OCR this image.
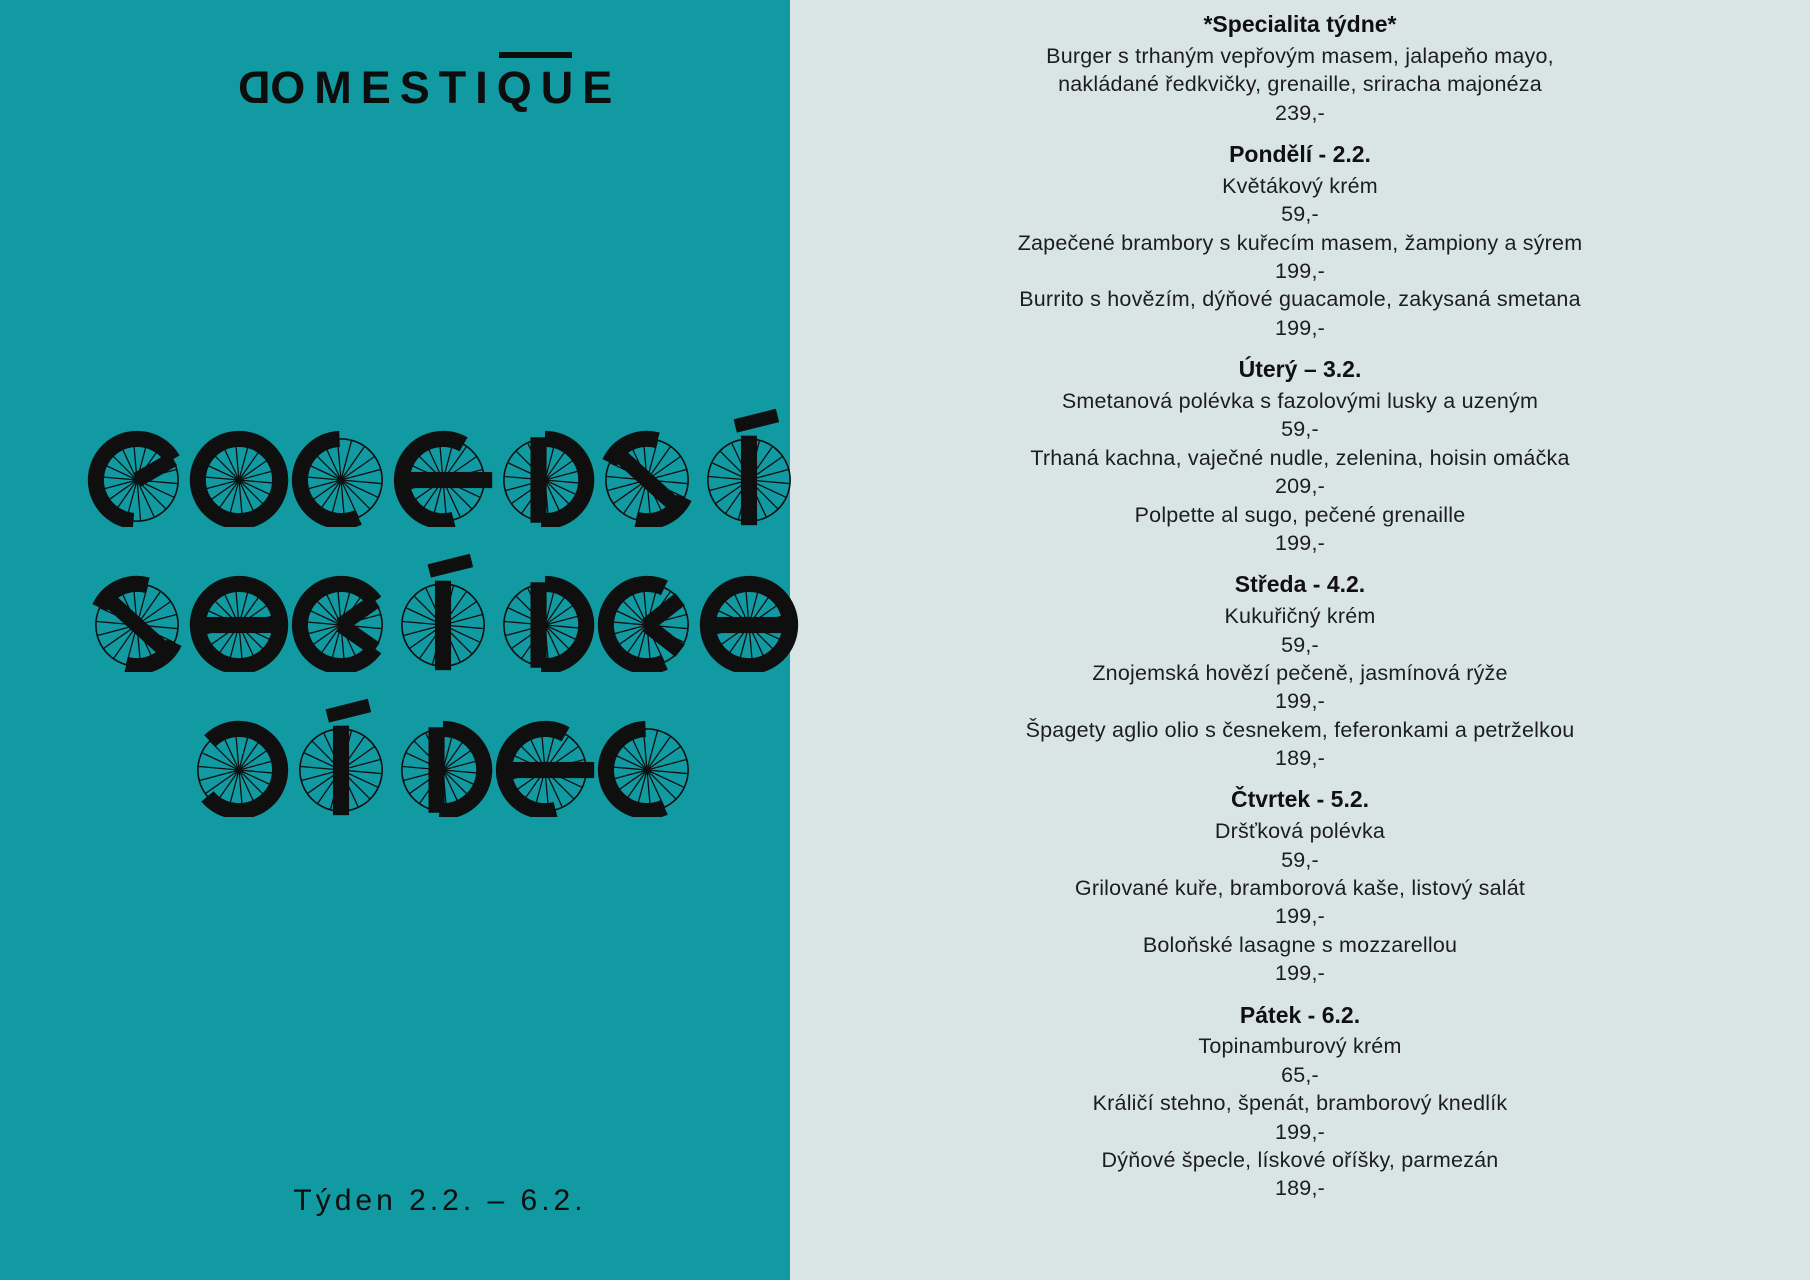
DOMESTIQUE
Týden 2.2. – 6.2.
*Specialita týdne*

Burger s trhaným vepřovým masem, jalapeňo mayo, nakládané ředkvičky, grenaille, sriracha majonéza

239,-

Pondělí - 2.2.

Květákový krém

59,-

Zapečené brambory s kuřecím masem, žampiony a sýrem

199,-

Burrito s hovězím, dýňové guacamole, zakysaná smetana

199,-

Úterý – 3.2.

Smetanová polévka s fazolovými lusky a uzeným

59,-

Trhaná kachna, vaječné nudle, zelenina, hoisin omáčka

209,-

Polpette al sugo, pečené grenaille

199,-

Středa - 4.2.

Kukuřičný krém

59,-

Znojemská hovězí pečeně, jasmínová rýže

199,-

Špagety aglio olio s česnekem, feferonkami a petrželkou

189,-

Čtvrtek - 5.2.

Dršťková polévka

59,-

Grilované kuře, bramborová kaše, listový salát

199,-

Boloňské lasagne s mozzarellou

199,-

Pátek - 6.2.

Topinamburový krém

65,-

Králičí stehno, špenát, bramborový knedlík

199,-

Dýňové špecle, lískové oříšky, parmezán

189,-
